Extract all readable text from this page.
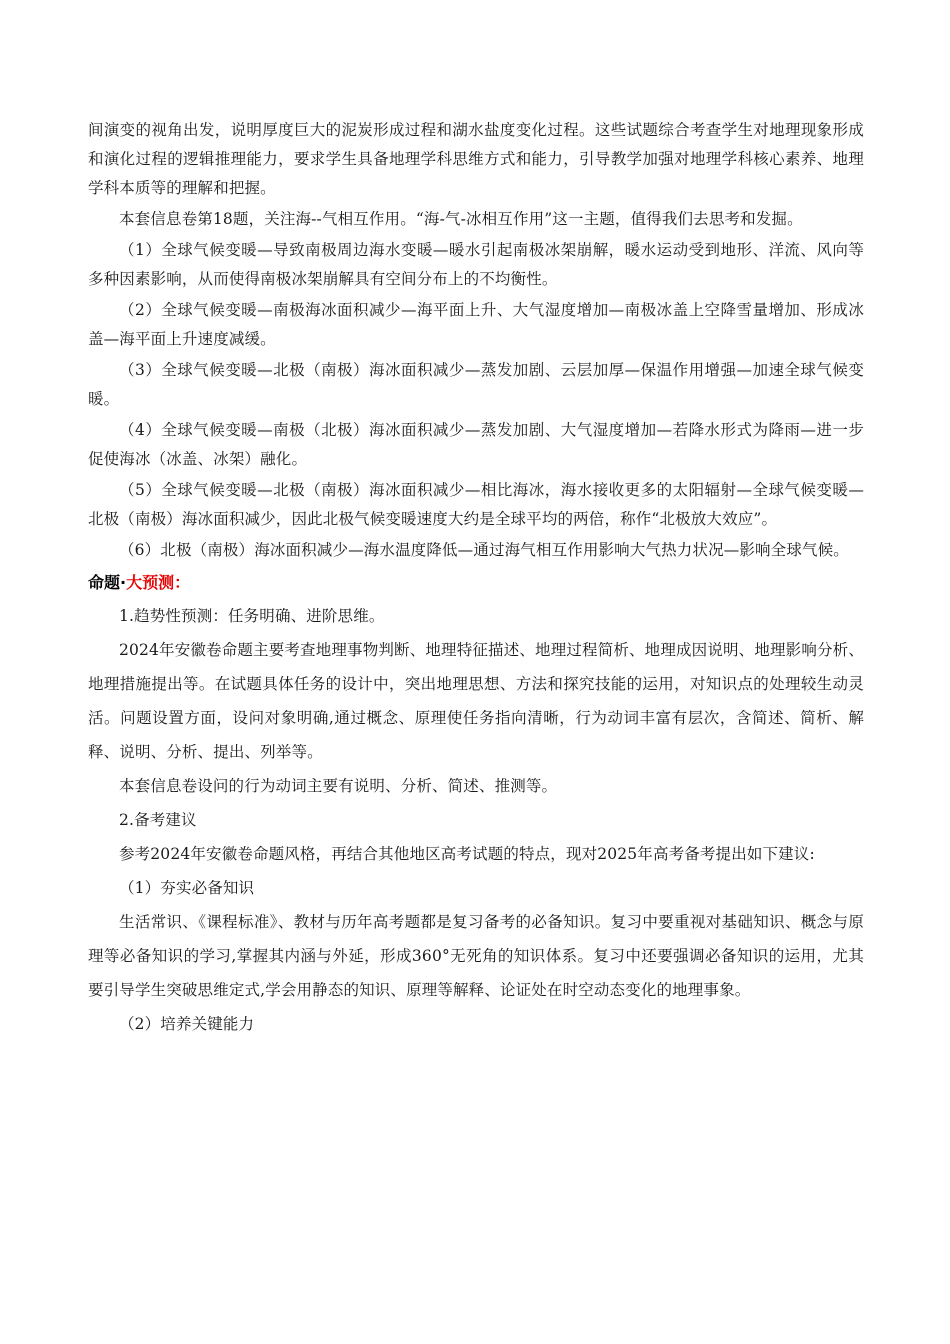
间演变的视角出发，说明厚度巨大的泥炭形成过程和湖水盐度变化过程。这些试题综合考查学生对地理现象形成和演化过程的逻辑推理能力，要求学生具备地理学科思维方式和能力，引导教学加强对地理学科核心素养、地理学科本质等的理解和把握。

本套信息卷第18题，关注海--气相互作用。“海-气-冰相互作用”这一主题，值得我们去思考和发掘。

（1）全球气候变暖—导致南极周边海水变暖—暖水引起南极冰架崩解，暖水运动受到地形、洋流、风向等多种因素影响，从而使得南极冰架崩解具有空间分布上的不均衡性。

（2）全球气候变暖—南极海冰面积减少—海平面上升、大气湿度增加—南极冰盖上空降雪量增加、形成冰盖—海平面上升速度减缓。

（3）全球气候变暖—北极（南极）海冰面积减少—蒸发加剧、云层加厚—保温作用增强—加速全球气候变暖。

（4）全球气候变暖—南极（北极）海冰面积减少—蒸发加剧、大气湿度增加—若降水形式为降雨—进一步促使海冰（冰盖、冰架）融化。

（5）全球气候变暖—北极（南极）海冰面积减少—相比海冰，海水接收更多的太阳辐射—全球气候变暖—北极（南极）海冰面积减少，因此北极气候变暖速度大约是全球平均的两倍，称作“北极放大效应”。

（6）北极（南极）海冰面积减少—海水温度降低—通过海气相互作用影响大气热力状况—影响全球气候。

命题·大预测：

1.趋势性预测：任务明确、进阶思维。

2024年安徽卷命题主要考查地理事物判断、地理特征描述、地理过程简析、地理成因说明、地理影响分析、地理措施提出等。在试题具体任务的设计中，突出地理思想、方法和探究技能的运用，对知识点的处理较生动灵活。问题设置方面，设问对象明确,通过概念、原理使任务指向清晰，行为动词丰富有层次，含简述、简析、解释、说明、分析、提出、列举等。

本套信息卷设问的行为动词主要有说明、分析、简述、推测等。

2.备考建议

参考2024年安徽卷命题风格，再结合其他地区高考试题的特点，现对2025年高考备考提出如下建议:

（1）夯实必备知识

生活常识、《课程标准》、教材与历年高考题都是复习备考的必备知识。复习中要重视对基础知识、概念与原理等必备知识的学习,掌握其内涵与外延，形成360°无死角的知识体系。复习中还要强调必备知识的运用，尤其要引导学生突破思维定式,学会用静态的知识、原理等解释、论证处在时空动态变化的地理事象。

（2）培养关键能力
